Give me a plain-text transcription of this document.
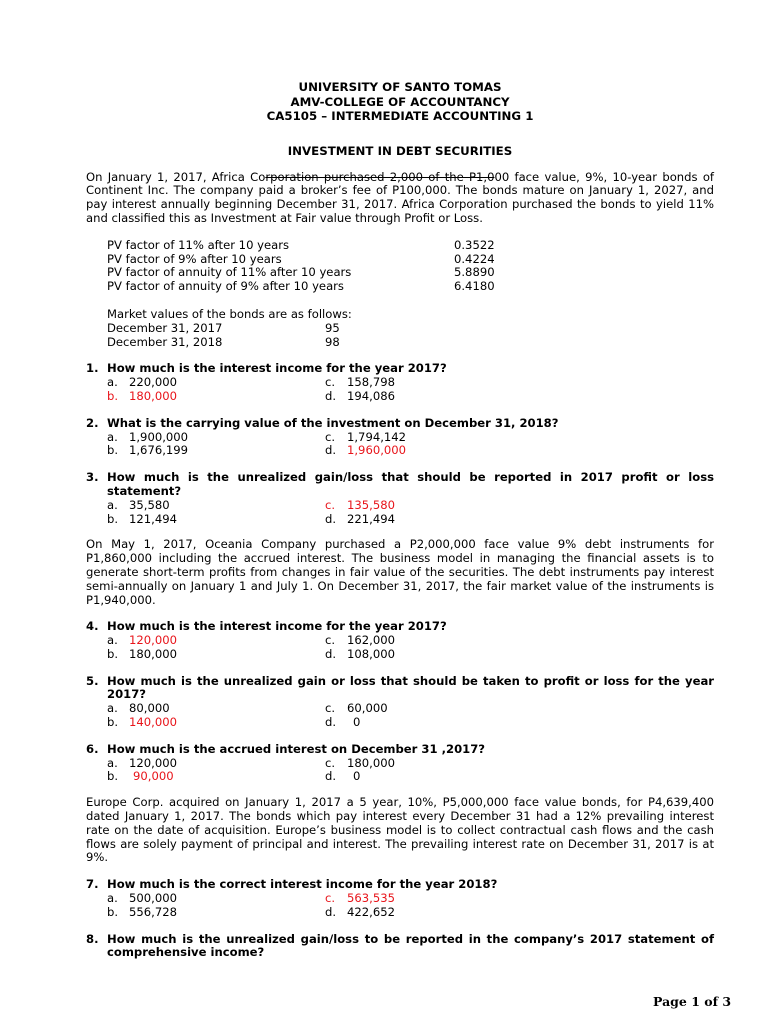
UNIVERSITY OF SANTO TOMAS
AMV-COLLEGE OF ACCOUNTANCY
CA5105 – INTERMEDIATE ACCOUNTING 1
INVESTMENT IN DEBT SECURITIES
On January 1, 2017, Africa Corporation purchased 2,000 of the P1,000 face value, 9%, 10-year bonds of Continent Inc. The company paid a broker’s fee of P100,000. The bonds mature on January 1, 2027, and pay interest annually beginning December 31, 2017. Africa Corporation purchased the bonds to yield 11% and classified this as Investment at Fair value through Profit or Loss.
PV factor of 11% after 10 years	0.3522
PV factor of 9% after 10 years	0.4224
PV factor of annuity of 11% after 10 years	5.8890
PV factor of annuity of 9% after 10 years	6.4180
Market values of the bonds are as follows:
December 31, 2017	95
December 31, 2018	98
1. How much is the interest income for the year 2017?
a. 220,000	c.	158,798
b. 180,000	d. 194,086
2. What is the carrying value of the investment on December 31, 2018?
a. 1,900,000	c.	1,794,142
b. 1,676,199	d. 1,960,000
3. How much is the unrealized gain/loss that should be reported in 2017 profit or loss statement?
a. 35,580	c.	135,580
b. 121,494	d. 221,494
On May 1, 2017, Oceania Company purchased a P2,000,000 face value 9% debt instruments for P1,860,000 including the accrued interest. The business model in managing the financial assets is to generate short-term profits from changes in fair value of the securities. The debt instruments pay interest semi-annually on January 1 and July 1. On December 31, 2017, the fair market value of the instruments is P1,940,000.
4. How much is the interest income for the year 2017?
a. 120,000	c.	162,000
b. 180,000	d. 108,000
5. How much is the unrealized gain or loss that should be taken to profit or loss for the year 2017?
a. 80,000	c.	60,000
b. 140,000	d.	0
6. How much is the accrued interest on December 31 ,2017?
a. 120,000	c.	180,000
b.	90,000	d.	0
Europe Corp. acquired on January 1, 2017 a 5 year, 10%, P5,000,000 face value bonds, for P4,639,400 dated January 1, 2017. The bonds which pay interest every December 31 had a 12% prevailing interest rate on the date of acquisition. Europe’s business model is to collect contractual cash flows and the cash flows are solely payment of principal and interest. The prevailing interest rate on December 31, 2017 is at 9%.
7. How much is the correct interest income for the year 2018?
a. 500,000	c.	563,535
b. 556,728	d. 422,652
8. How much is the unrealized gain/loss to be reported in the company’s 2017 statement of comprehensive income?
Page 1 of 3
